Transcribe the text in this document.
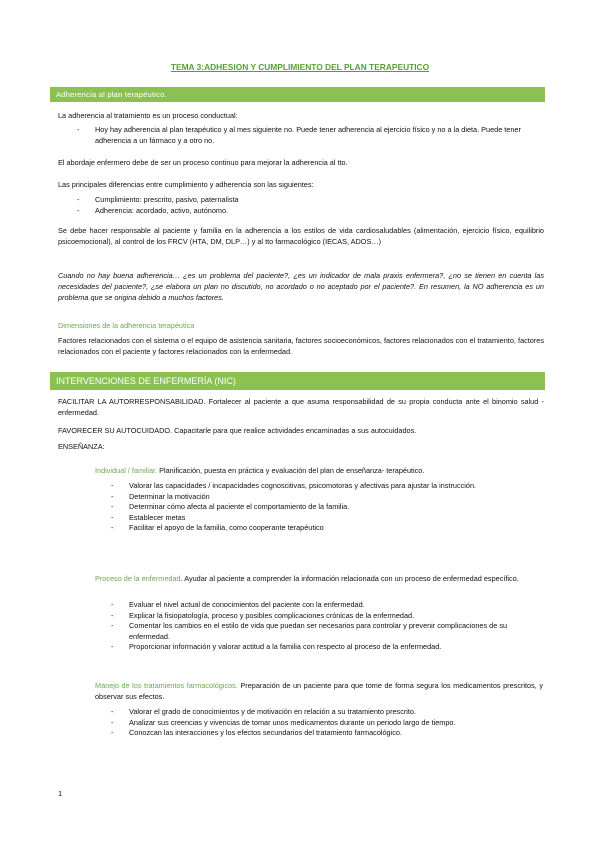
TEMA 3:ADHESION Y CUMPLIMIENTO DEL PLAN TERAPEUTICO
Adherencia al plan terapéutico.

La adherencia al tratamiento es un proceso conductual:

- Hoy hay adherencia al plan terapéutico y al mes siguiente no. Puede tener adherencia al ejercicio físico y no a la dieta. Puede tener adherencia a un fármaco y a otro no.

El abordaje enfermero debe de ser un proceso continuo para mejorar la adherencia al tto.

Las principales diferencias entre cumplimiento y adherencia son las siguientes:

- Cumplimiento: prescrito, pasivo, paternalista
- Adherencia: acordado, activo, autónomo.

Se debe hacer responsable al paciente y familia en la adherencia a los estilos de vida cardiosaludables (alimentación, ejercicio físico, equilibrio psicoemocional), al control de los FRCV (HTA, DM, DLP…) y al tto farmacológico (IECAS, ADOS…)

Cuando no hay buena adherencia… ¿es un problema del paciente?, ¿es un indicador de mala praxis enfermera?, ¿no se tienen en cuenta las necesidades del paciente?, ¿se elabora un plan no discutido, no acordado o no aceptado por el paciente?. En resumen, la NO adherencia es un problema que se origina debido a muchos factores.

Dimensiones de la adherencia terapéutica

Factores relacionados con el sistema o el equipo de asistencia sanitaria, factores socioeconómicos, factores relacionados con el tratamiento, factores relacionados con el paciente y factores relacionados con la enfermedad.

INTERVENCIONES DE ENFERMERÍA (NIC)

FACILITAR LA AUTORRESPONSABILIDAD. Fortalecer al paciente a que asuma responsabilidad de su propia conducta ante el binomio salud - enfermedad.

FAVORECER SU AUTOCUIDADO. Capacitarle para que realice actividades encaminadas a sus autocuidados.

ENSEÑANZA:

Individual / familiar. Planificación, puesta en práctica y evaluación del plan de enseñanza- terapéutico.

- Valorar las capacidades / incapacidades cognoscitivas, psicomotoras y afectivas para ajustar la instrucción.
- Determinar la motivación
- Determinar cómo afecta al paciente el comportamiento de la familia.
- Establecer metas
- Facilitar el apoyo de la familia, como cooperante terapéutico

Proceso de la enfermedad. Ayudar al paciente a comprender la información relacionada con un proceso de enfermedad específico.

- Evaluar el nivel actual de conocimientos del paciente con la enfermedad.
- Explicar la fisiopatología, proceso y posibles complicaciones crónicas de la enfermedad.
- Comentar los cambios en el estilo de vida que puedan ser necesarios para controlar y prevenir complicaciones de su enfermedad.
- Proporcionar información y valorar actitud a la familia con respecto al proceso de la enfermedad.

Manejo de los tratamientos farmacológicos. Preparación de un paciente para que tome de forma segura los medicamentos prescritos, y observar sus efectos.

- Valorar el grado de conocimientos y de motivación en relación a su tratamiento prescrito.
- Analizar sus creencias y vivencias de tomar unos medicamentos durante un periodo largo de tiempo.
- Conozcan las interacciones y los efectos secundarios del tratamiento farmacológico.
1
